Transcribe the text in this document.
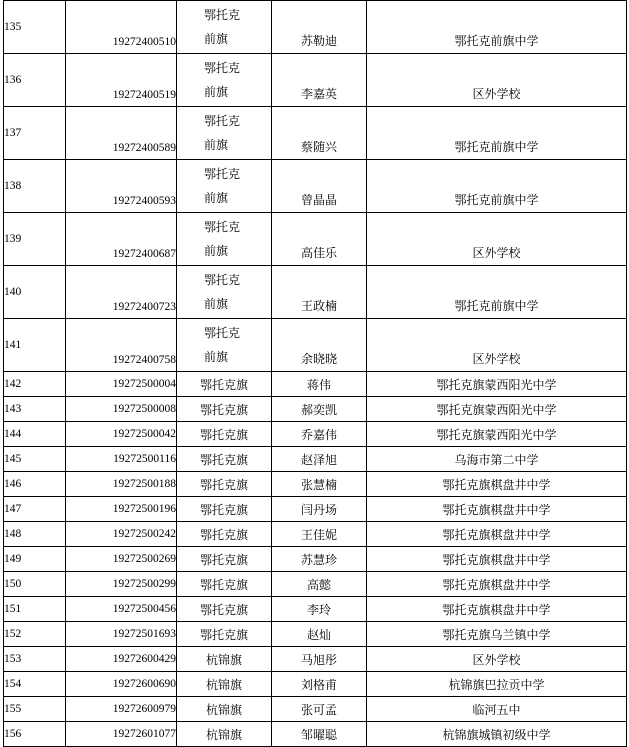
135	19272400510	鄂托克前旗	苏勒迪	鄂托克前旗中学
136	19272400519	鄂托克前旗	李嘉英	区外学校
137	19272400589	鄂托克前旗	蔡随兴	鄂托克前旗中学
138	19272400593	鄂托克前旗	曾晶晶	鄂托克前旗中学
139	19272400687	鄂托克前旗	高佳乐	区外学校
140	19272400723	鄂托克前旗	王政楠	鄂托克前旗中学
141	19272400758	鄂托克前旗	余晓晓	区外学校
142	19272500004	鄂托克旗	蒋伟	鄂托克旗蒙西阳光中学
143	19272500008	鄂托克旗	郝奕凯	鄂托克旗蒙西阳光中学
144	19272500042	鄂托克旗	乔嘉伟	鄂托克旗蒙西阳光中学
145	19272500116	鄂托克旗	赵泽旭	乌海市第二中学
146	19272500188	鄂托克旗	张慧楠	鄂托克旗棋盘井中学
147	19272500196	鄂托克旗	闫丹场	鄂托克旗棋盘井中学
148	19272500242	鄂托克旗	王佳妮	鄂托克旗棋盘井中学
149	19272500269	鄂托克旗	苏慧珍	鄂托克旗棋盘井中学
150	19272500299	鄂托克旗	高懿	鄂托克旗棋盘井中学
151	19272500456	鄂托克旗	李玲	鄂托克旗棋盘井中学
152	19272501693	鄂托克旗	赵灿	鄂托克旗乌兰镇中学
153	19272600429	杭锦旗	马旭彤	区外学校
154	19272600690	杭锦旗	刘格甫	杭锦旗巴拉贡中学
155	19272600979	杭锦旗	张可孟	临河五中
156	19272601077	杭锦旗	邹曜聪	杭锦旗城镇初级中学
